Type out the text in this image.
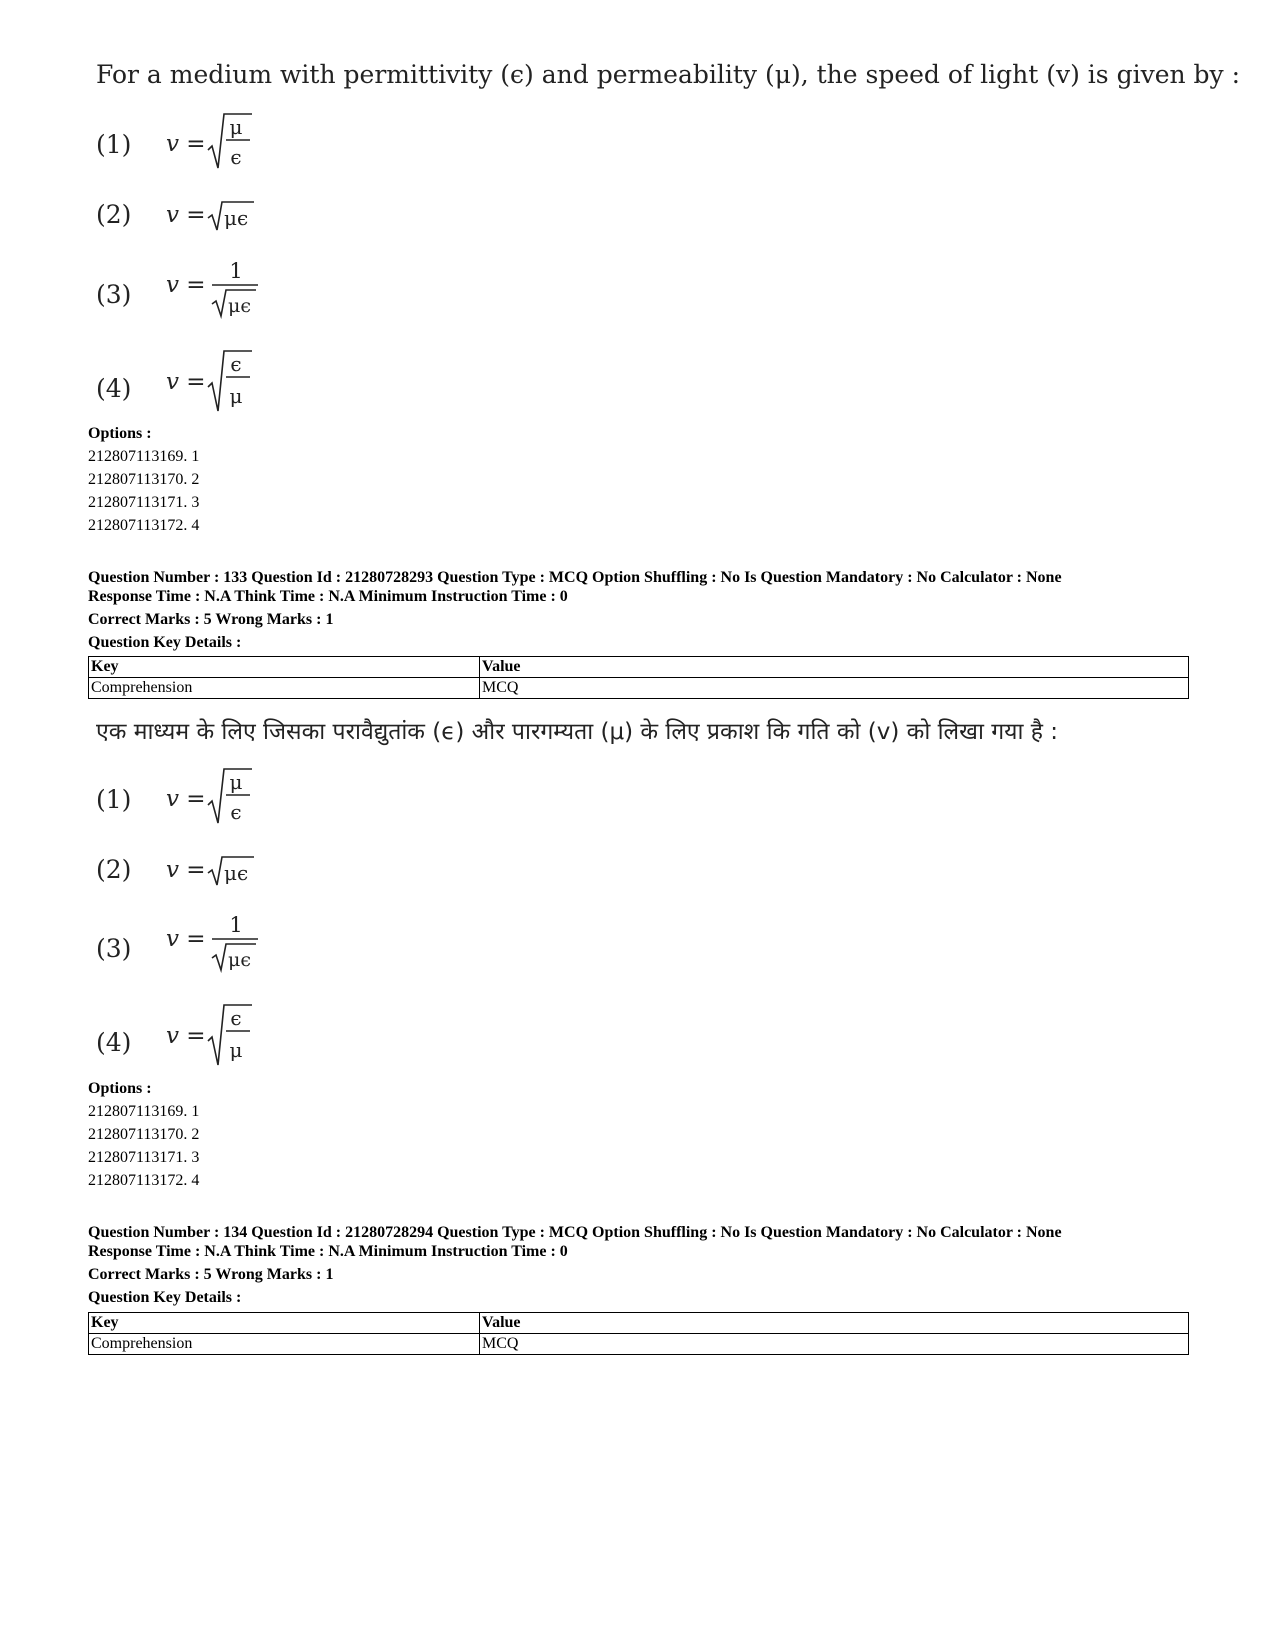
For a medium with permittivity (ϵ) and permeability (μ), the speed of light (v) is given by :
(1) v =
μ
ϵ
(2) v = μϵ
(3) v =
1
μϵ
(4) v =
ϵ
μ
Options :
212807113169. 1
212807113170. 2
212807113171. 3
212807113172. 4
Question Number : 133 Question Id : 21280728293 Question Type : MCQ Option Shuffling : No Is Question Mandatory : No Calculator : None
Response Time : N.A Think Time : N.A Minimum Instruction Time : 0
Correct Marks : 5 Wrong Marks : 1
Question Key Details :
Key	Value
Comprehension	MCQ
एक माध्यम के लिए जिसका परावैद्युतांक (ϵ) और पारगम्यता (μ) के लिए प्रकाश कि गति को (v) को लिखा गया है :
(1) v =
μ
ϵ
(2) v = μϵ
(3) v =
1
μϵ
(4) v =
ϵ
μ
Options :
212807113169. 1
212807113170. 2
212807113171. 3
212807113172. 4
Question Number : 134 Question Id : 21280728294 Question Type : MCQ Option Shuffling : No Is Question Mandatory : No Calculator : None
Response Time : N.A Think Time : N.A Minimum Instruction Time : 0
Correct Marks : 5 Wrong Marks : 1
Question Key Details :
Key	Value
Comprehension	MCQ
